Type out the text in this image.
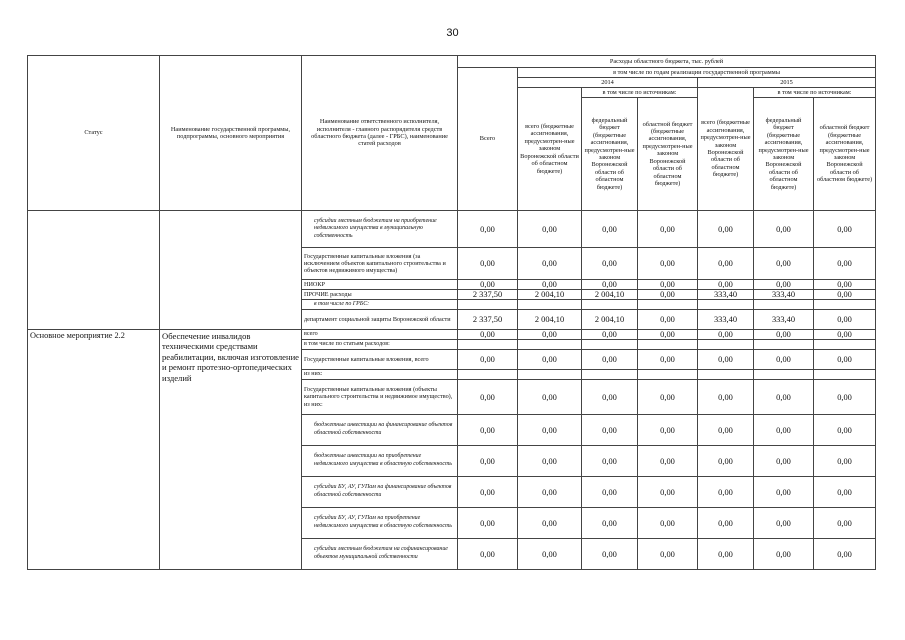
30
Статус	Наименование государственной программы, подпрограммы, основного мероприятия	Наименование ответственного исполнителя, исполнителя - главного распорядителя средств областного бюджета (далее - ГРБС), наименование статей расходов	Расходы областного бюджета, тыс. рублей						
			Всего	в том числе по годам реализации государственной программы					
				2014			2015		
				всего (бюджетные ассигнования, предусмотрен-ные законом Воронежской области об областном бюджете)	в том числе по источникам:		всего (бюджетные ассигнования, предусмотрен-ные законом Воронежской области об областном бюджете)	в том числе по источникам:	
					федеральный бюджет (бюджетные ассигнования, предусмотрен-ные законом Воронежской области об областном бюджете)	областной бюджет (бюджетные ассигнования, предусмотрен-ные законом Воронежской области об областном бюджете)		федеральный бюджет (бюджетные ассигнования, предусмотрен-ные законом Воронежской области об областном бюджете)	областной бюджет (бюджетные ассигнования, предусмотрен-ные законом Воронежской области об областном бюджете)
		субсидии местным бюджетам на приобретение недвижимого имущества в муниципальную собственность	0,00	0,00	0,00	0,00	0,00	0,00	0,00
		Государственные капитальные вложения (за исключением объектов капитального строительства и объектов недвижимого имущества)	0,00	0,00	0,00	0,00	0,00	0,00	0,00
		НИОКР	0,00	0,00	0,00	0,00	0,00	0,00	0,00
		ПРОЧИЕ расходы	2 337,50	2 004,10	2 004,10	0,00	333,40	333,40	0,00
		в том числе по ГРБС:							
		департамент социальной защиты Воронежской области	2 337,50	2 004,10	2 004,10	0,00	333,40	333,40	0,00
Основное мероприятие 2.2	Обеспечение инвалидов техническими средствами реабилитации, включая изготовление и ремонт протезно-ортопедических изделий	всего	0,00	0,00	0,00	0,00	0,00	0,00	0,00
		в том числе по статьям расходов:							
		Государственные капитальные вложения, всего	0,00	0,00	0,00	0,00	0,00	0,00	0,00
		из них:							
		Государственные капитальные вложения (объекты капитального строительства и недвижимое имущество), из них:	0,00	0,00	0,00	0,00	0,00	0,00	0,00
		бюджетные инвестиции на финансирование объектов областной собственности	0,00	0,00	0,00	0,00	0,00	0,00	0,00
		бюджетные инвестиции на приобретение недвижимого имущества в областную собственность	0,00	0,00	0,00	0,00	0,00	0,00	0,00
		субсидии БУ, АУ, ГУПам на финансирование объектов областной собственности	0,00	0,00	0,00	0,00	0,00	0,00	0,00
		субсидии БУ, АУ, ГУПам на приобретение недвижимого имущества в областную собственность	0,00	0,00	0,00	0,00	0,00	0,00	0,00
		субсидии местным бюджетам на софинансирование объектов муниципальной собственности	0,00	0,00	0,00	0,00	0,00	0,00	0,00
